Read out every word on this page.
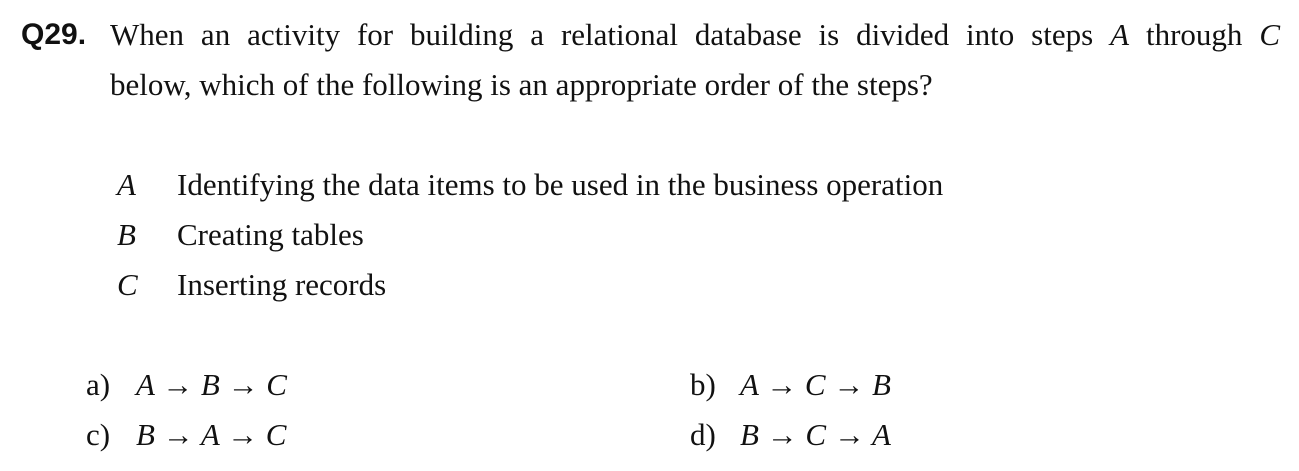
Q29. When an activity for building a relational database is divided into steps A through C
below, which of the following is an appropriate order of the steps?
A Identifying the data items to be used in the business operation
B Creating tables
C Inserting records
a) A → B → C	b) A → C → B
c) B → A → C	d) B → C → A
